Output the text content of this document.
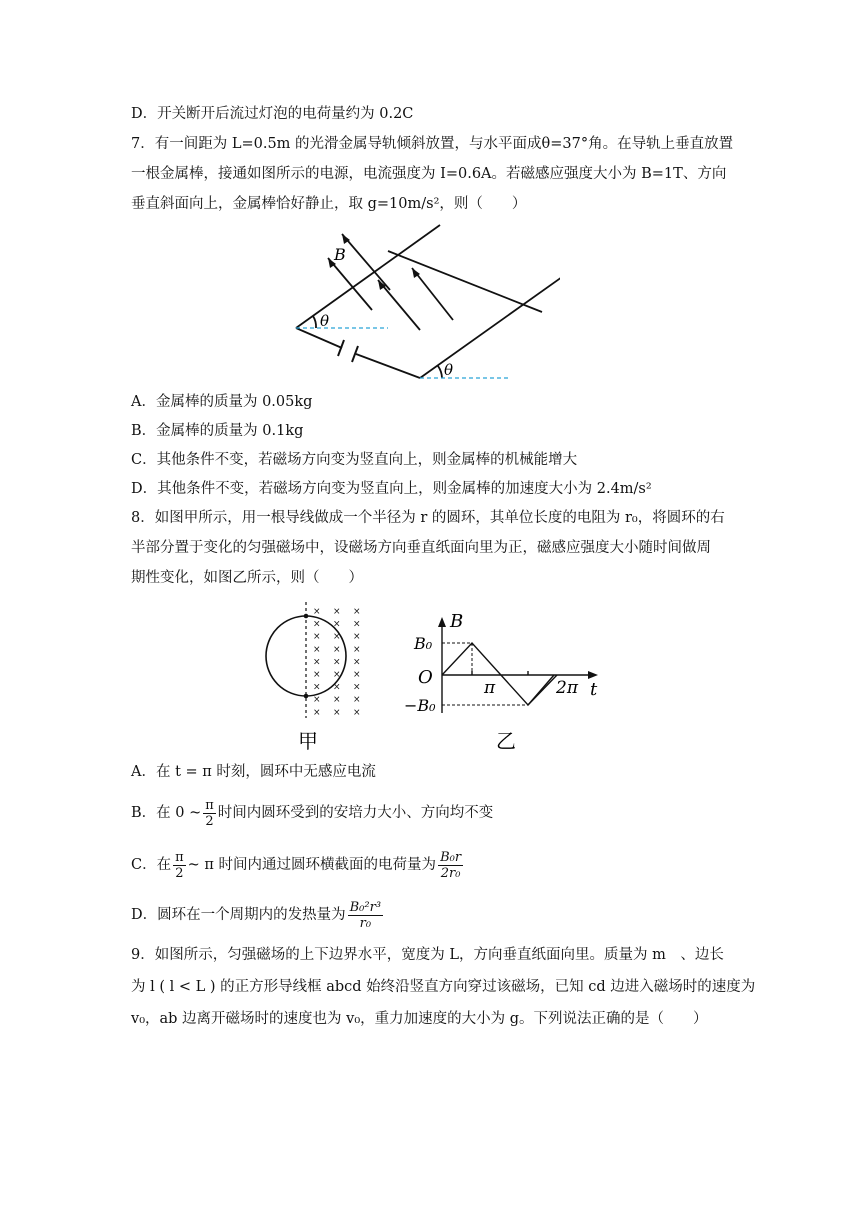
D．开关断开后流过灯泡的电荷量约为 0.2C
7．有一间距为 L=0.5m 的光滑金属导轨倾斜放置，与水平面成θ=37°角。在导轨上垂直放置
一根金属棒，接通如图所示的电源，电流强度为 I=0.6A。若磁感应强度大小为 B=1T、方向
垂直斜面向上，金属棒恰好静止，取 g=10m/s²，则（　　）
B
θ
θ
A．金属棒的质量为 0.05kg
B．金属棒的质量为 0.1kg
C．其他条件不变，若磁场方向变为竖直向上，则金属棒的机械能增大
D．其他条件不变，若磁场方向变为竖直向上，则金属棒的加速度大小为 2.4m/s²
8．如图甲所示，用一根导线做成一个半径为 r 的圆环，其单位长度的电阻为 r₀，将圆环的右
半部分置于变化的匀强磁场中，设磁场方向垂直纸面向里为正，磁感应强度大小随时间做周
期性变化，如图乙所示，则（　　）
× × ×
× × ×
× × ×
× × ×
× × ×
× × ×
× × ×
× × ×
× × ×
甲
B
t
O
B₀
−B₀
π	2π
乙
A．在 t = π 时刻，圆环中无感应电流
B．在 0 ~ $\frac{\pi}{2}$ 时间内圆环受到的安培力大小、方向均不变
C．在 $\frac{\pi}{2}$ ~ π 时间内通过圆环横截面的电荷量为 $\frac{\text{B₀r}}{\text{2r₀}}$
D．圆环在一个周期内的发热量为 $\frac{\text{B₀²r³}}{\text{r₀}}$
9．如图所示，匀强磁场的上下边界水平，宽度为 L，方向垂直纸面向里。质量为 m　、边长
为 l ( l < L ) 的正方形导线框 abcd 始终沿竖直方向穿过该磁场，已知 cd 边进入磁场时的速度为
v₀，ab 边离开磁场时的速度也为 v₀，重力加速度的大小为 g。下列说法正确的是（　　）
